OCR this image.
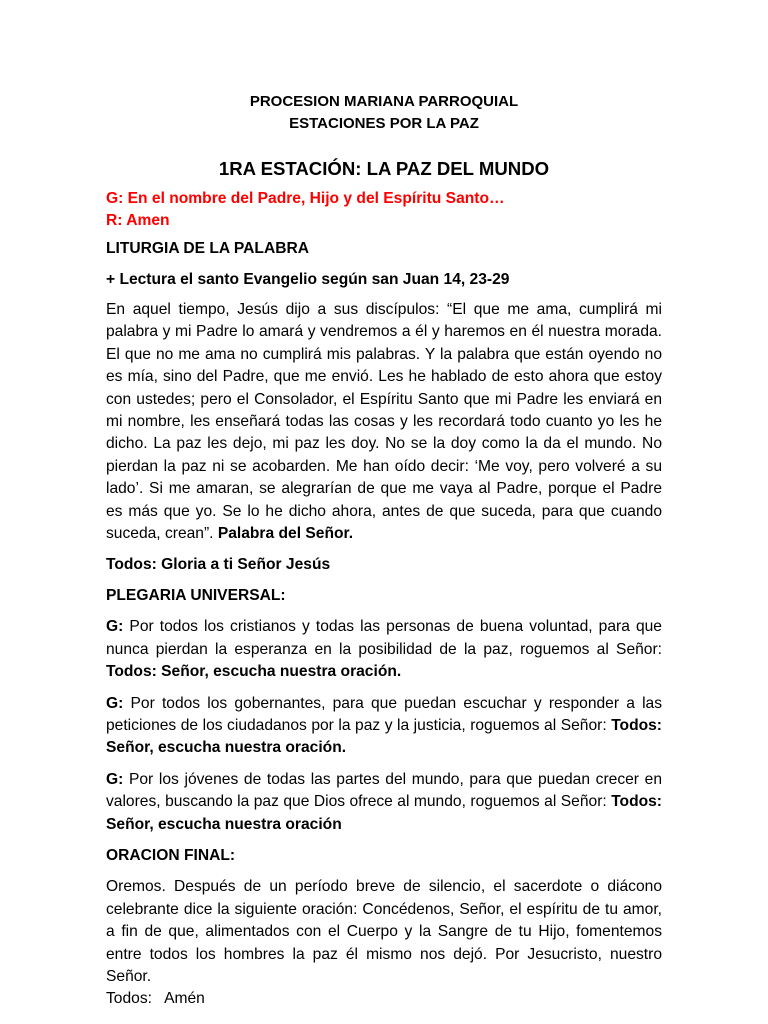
PROCESION MARIANA PARROQUIAL
ESTACIONES POR LA PAZ
1RA ESTACIÓN: LA PAZ DEL MUNDO
G: En el nombre del Padre, Hijo y del Espíritu Santo…
R: Amen

LITURGIA DE LA PALABRA

+ Lectura el santo Evangelio según san Juan 14, 23-29

En aquel tiempo, Jesús dijo a sus discípulos: “El que me ama, cumplirá mi palabra y mi Padre lo amará y vendremos a él y haremos en él nuestra morada. El que no me ama no cumplirá mis palabras. Y la palabra que están oyendo no es mía, sino del Padre, que me envió. Les he hablado de esto ahora que estoy con ustedes; pero el Consolador, el Espíritu Santo que mi Padre les enviará en mi nombre, les enseñará todas las cosas y les recordará todo cuanto yo les he dicho. La paz les dejo, mi paz les doy. No se la doy como la da el mundo. No pierdan la paz ni se acobarden. Me han oído decir: ‘Me voy, pero volveré a su lado’. Si me amaran, se alegrarían de que me vaya al Padre, porque el Padre es más que yo. Se lo he dicho ahora, antes de que suceda, para que cuando suceda, crean”. Palabra del Señor.

Todos: Gloria a ti Señor Jesús

PLEGARIA UNIVERSAL:

G: Por todos los cristianos y todas las personas de buena voluntad, para que nunca pierdan la esperanza en la posibilidad de la paz, roguemos al Señor: Todos: Señor, escucha nuestra oración.

G: Por todos los gobernantes, para que puedan escuchar y responder a las peticiones de los ciudadanos por la paz y la justicia, roguemos al Señor: Todos: Señor, escucha nuestra oración.

G: Por los jóvenes de todas las partes del mundo, para que puedan crecer en valores, buscando la paz que Dios ofrece al mundo, roguemos al Señor: Todos: Señor, escucha nuestra oración

ORACION FINAL:

Oremos. Después de un período breve de silencio, el sacerdote o diácono celebrante dice la siguiente oración: Concédenos, Señor, el espíritu de tu amor, a fin de que, alimentados con el Cuerpo y la Sangre de tu Hijo, fomentemos entre todos los hombres la paz él mismo nos dejó. Por Jesucristo, nuestro Señor.
Todos:   Amén
